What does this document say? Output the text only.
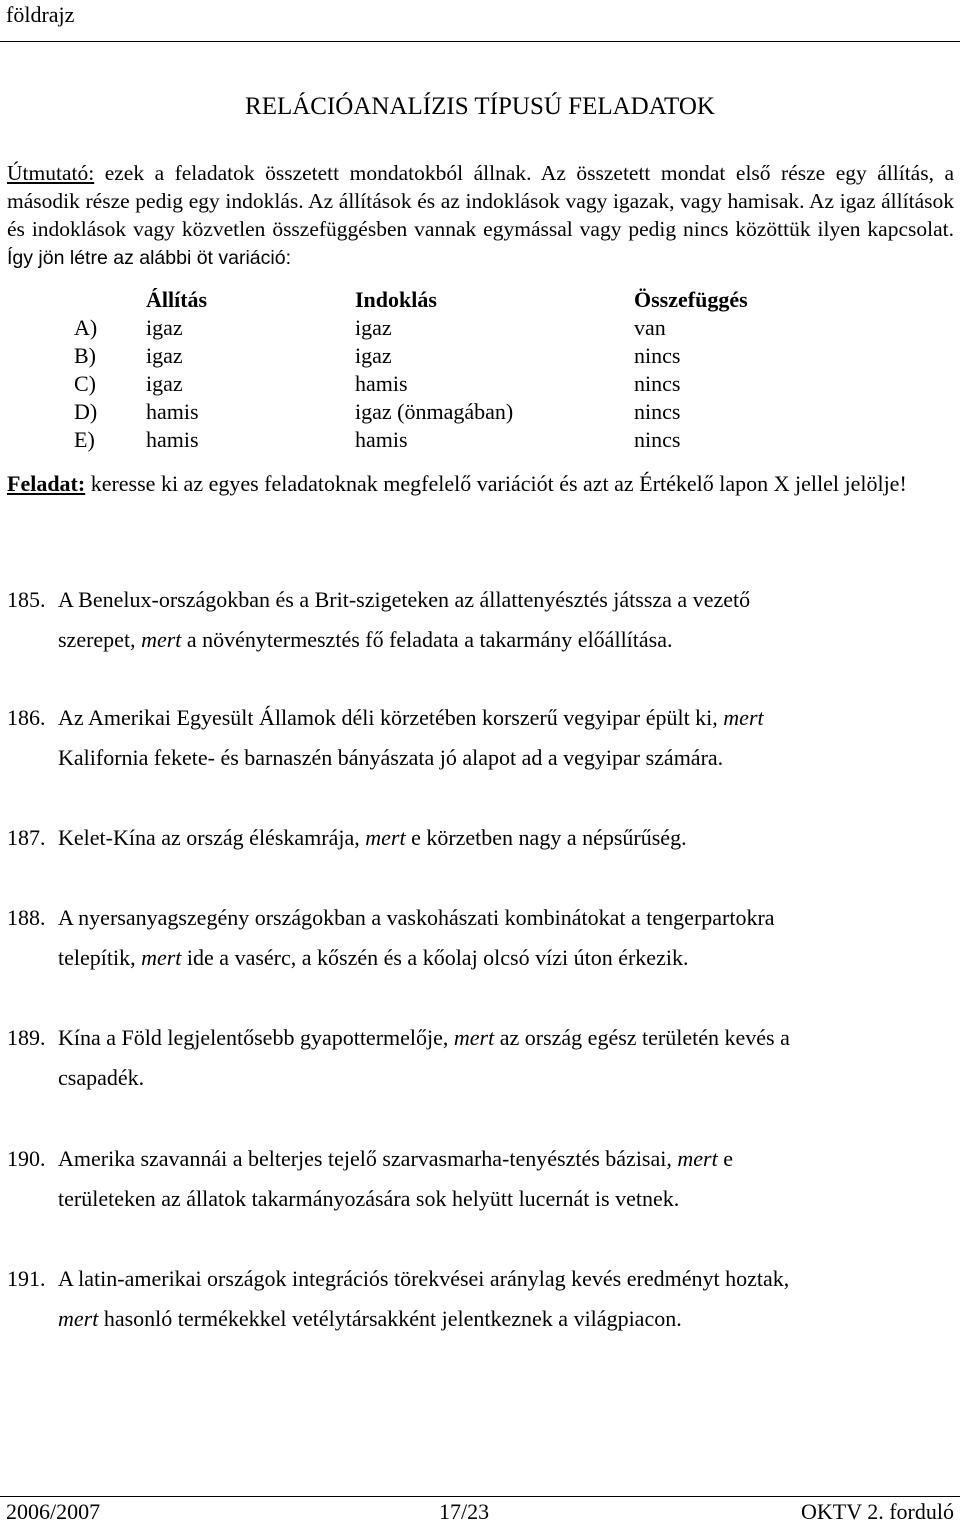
földrajz
RELÁCIÓANALÍZIS TÍPUSÚ FELADATOK

Útmutató: ezek a feladatok összetett mondatokból állnak. Az összetett mondat első része egy állítás, a második része pedig egy indoklás. Az állítások és az indoklások vagy igazak, vagy hamisak. Az igaz állítások és indoklások vagy közvetlen összefüggésben vannak egymással vagy pedig nincs közöttük ilyen kapcsolat. Így jön létre az alábbi öt variáció:

Állítás	Indoklás	Összefüggés
A) igaz	igaz	van
B) igaz	igaz	nincs
C) igaz	hamis	nincs
D) hamis	igaz (önmagában)	nincs
E) hamis	hamis	nincs

Feladat: keresse ki az egyes feladatoknak megfelelő variációt és azt az Értékelő lapon X jellel jelölje!

185. A Benelux-országokban és a Brit-szigeteken az állattenyésztés játssza a vezető
szerepet, mert a növénytermesztés fő feladata a takarmány előállítása.
186. Az Amerikai Egyesült Államok déli körzetében korszerű vegyipar épült ki, mert
Kalifornia fekete- és barnaszén bányászata jó alapot ad a vegyipar számára.
187. Kelet-Kína az ország éléskamrája, mert e körzetben nagy a népsűrűség.
188. A nyersanyagszegény országokban a vaskohászati kombinátokat a tengerpartokra
telepítik, mert ide a vasérc, a kőszén és a kőolaj olcsó vízi úton érkezik.
189. Kína a Föld legjelentősebb gyapottermelője, mert az ország egész területén kevés a
csapadék.
190. Amerika szavannái a belterjes tejelő szarvasmarha-tenyésztés bázisai, mert e
területeken az állatok takarmányozására sok helyütt lucernát is vetnek.
191. A latin-amerikai országok integrációs törekvései aránylag kevés eredményt hoztak,
mert hasonló termékekkel vetélytársakként jelentkeznek a világpiacon.
2006/2007	17/23	OKTV 2. forduló
